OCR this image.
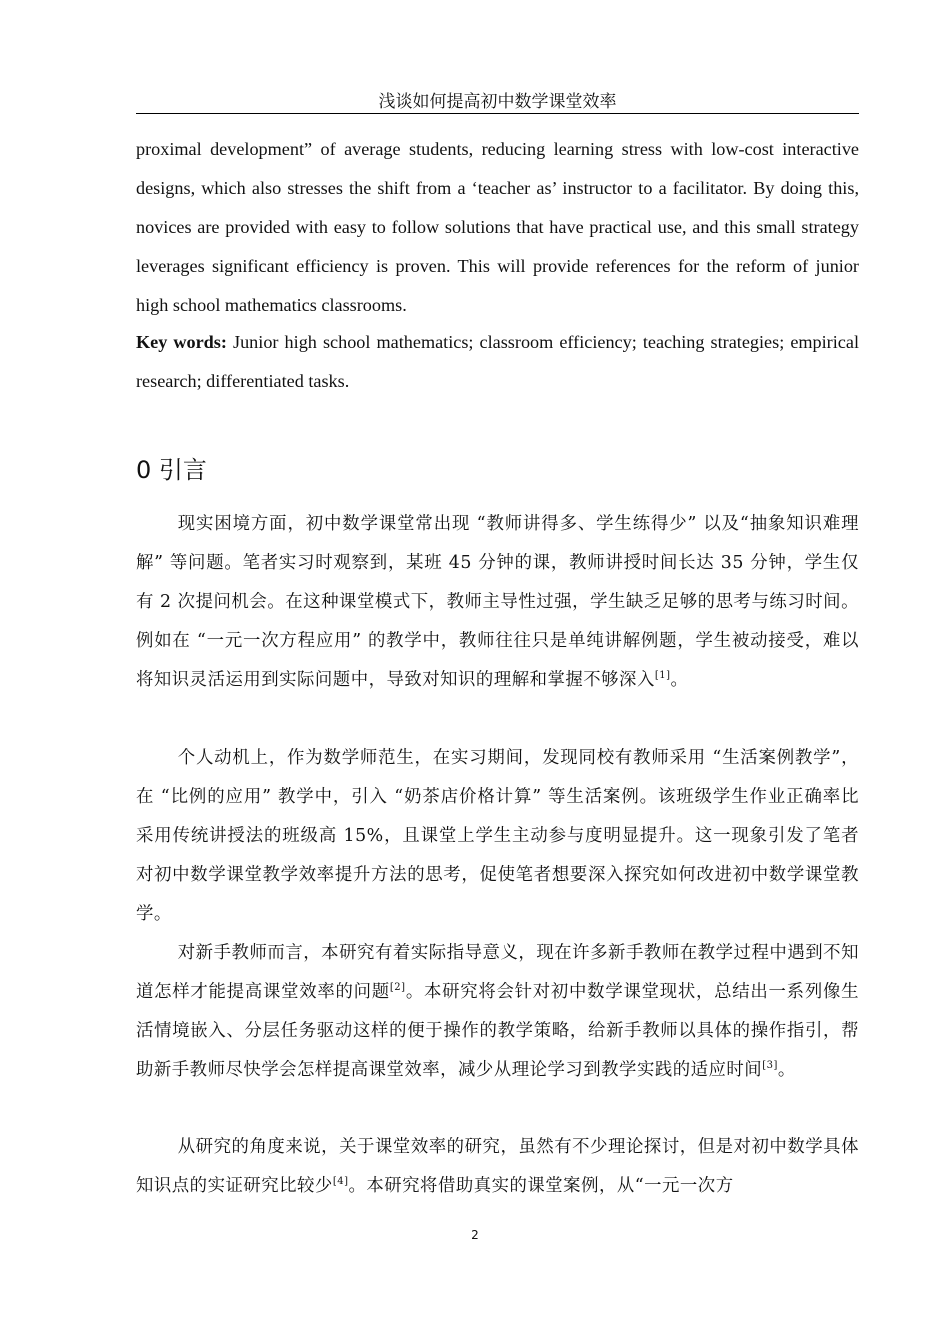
浅谈如何提高初中数学课堂效率

proximal development” of average students, reducing learning stress with low-cost interactive designs, which also stresses the shift from a ‘teacher as’ instructor to a facilitator. By doing this, novices are provided with easy to follow solutions that have practical use, and this small strategy leverages significant efficiency is proven. This will provide references for the reform of junior high school mathematics classrooms.

Key words: Junior high school mathematics; classroom efficiency; teaching strategies; empirical research; differentiated tasks.

0 引言

现实困境方面，初中数学课堂常出现 “教师讲得多、学生练得少” 以及“抽象知识难理解” 等问题。笔者实习时观察到，某班 45 分钟的课，教师讲授时间长达 35 分钟，学生仅有 2 次提问机会。在这种课堂模式下，教师主导性过强，学生缺乏足够的思考与练习时间。例如在 “一元一次方程应用” 的教学中，教师往往只是单纯讲解例题，学生被动接受，难以将知识灵活运用到实际问题中，导致对知识的理解和掌握不够深入[1]。

个人动机上，作为数学师范生，在实习期间，发现同校有教师采用 “生活案例教学”，在 “比例的应用” 教学中，引入 “奶茶店价格计算” 等生活案例。该班级学生作业正确率比采用传统讲授法的班级高 15%，且课堂上学生主动参与度明显提升。这一现象引发了笔者对初中数学课堂教学效率提升方法的思考，促使笔者想要深入探究如何改进初中数学课堂教学。

对新手教师而言，本研究有着实际指导意义，现在许多新手教师在教学过程中遇到不知道怎样才能提高课堂效率的问题[2]。本研究将会针对初中数学课堂现状，总结出一系列像生活情境嵌入、分层任务驱动这样的便于操作的教学策略，给新手教师以具体的操作指引，帮助新手教师尽快学会怎样提高课堂效率，减少从理论学习到教学实践的适应时间[3]。

从研究的角度来说，关于课堂效率的研究，虽然有不少理论探讨，但是对初中数学具体知识点的实证研究比较少[4]。本研究将借助真实的课堂案例，从“一元一次方

2
